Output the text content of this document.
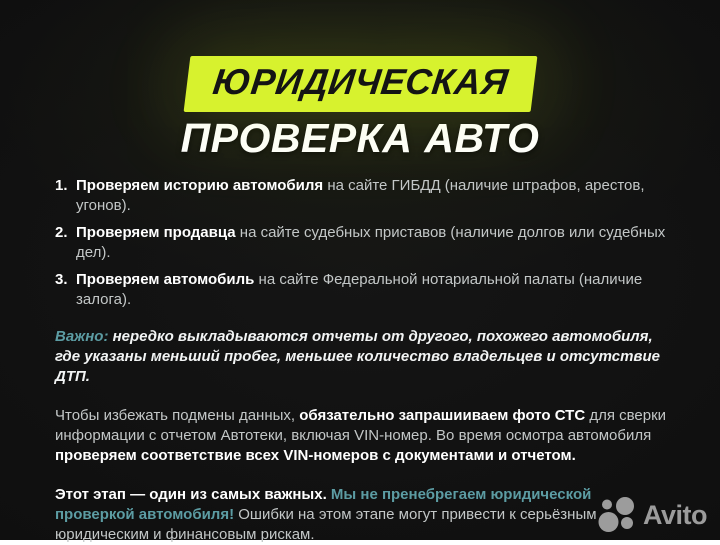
ЮРИДИЧЕСКАЯ
ПРОВЕРКА АВТО
1. Проверяем историю автомобиля на сайте ГИБДД (наличие штрафов, арестов, угонов).
2. Проверяем продавца на сайте судебных приставов (наличие долгов или судебных дел).
3. Проверяем автомобиль на сайте Федеральной нотариальной палаты (наличие залога).
Важно: нередко выкладываются отчеты от другого, похожего автомобиля, где указаны меньший пробег, меньшее количество владельцев и отсутствие ДТП.
Чтобы избежать подмены данных, обязательно запрашииваем фото СТС для сверки информации с отчетом Автотеки, включая VIN-номер. Во время осмотра автомобиля проверяем соответствие всех VIN-номеров с документами и отчетом.
Этот этап — один из самых важных. Мы не пренебрегаем юридической проверкой автомобиля! Ошибки на этом этапе могут привести к серьёзным юридическим и финансовым рискам.
Avito
